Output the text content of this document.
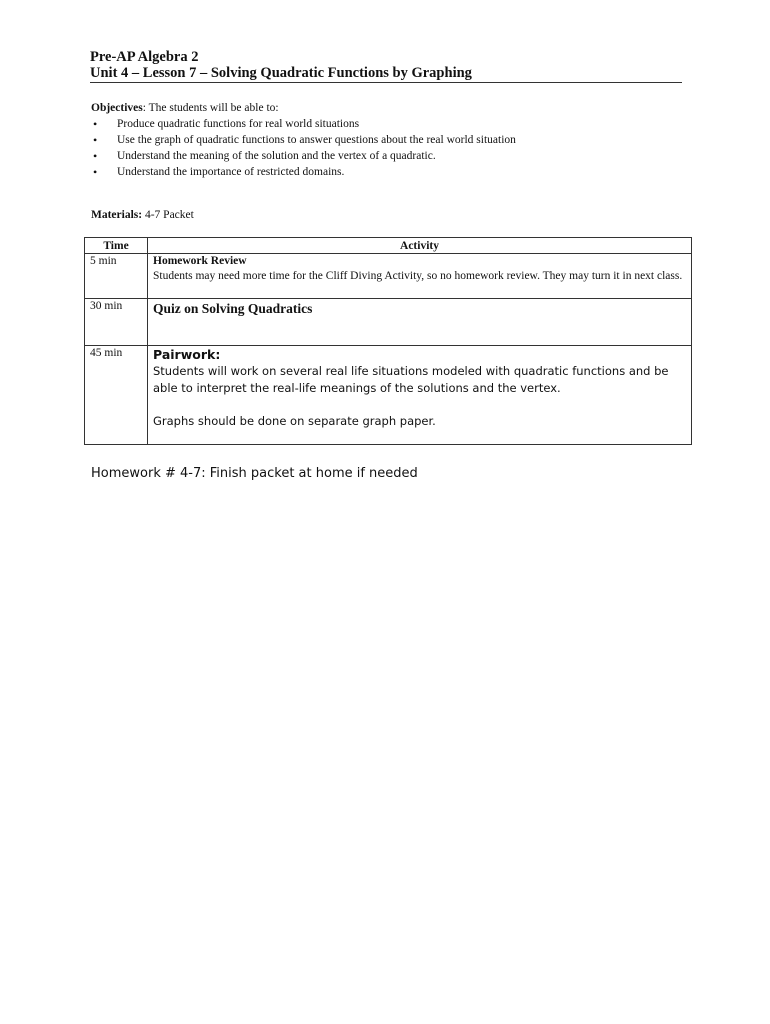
Pre-AP Algebra 2
Unit 4 – Lesson 7 – Solving Quadratic Functions by Graphing
Objectives: The students will be able to:
• Produce quadratic functions for real world situations
• Use the graph of quadratic functions to answer questions about the real world situation
• Understand the meaning of the solution and the vertex of a quadratic.
• Understand the importance of restricted domains.
Materials: 4-7 Packet
Time	Activity
5 min	Homework Review
Students may need more time for the Cliff Diving Activity, so no homework review. They may turn it in next class.

30 min	Quiz on Solving Quadratics

45 min	Pairwork:
Students will work on several real life situations modeled with quadratic functions and be able to interpret the real-life meanings of the solutions and the vertex.
Graphs should be done on separate graph paper.
Homework # 4-7: Finish packet at home if needed
